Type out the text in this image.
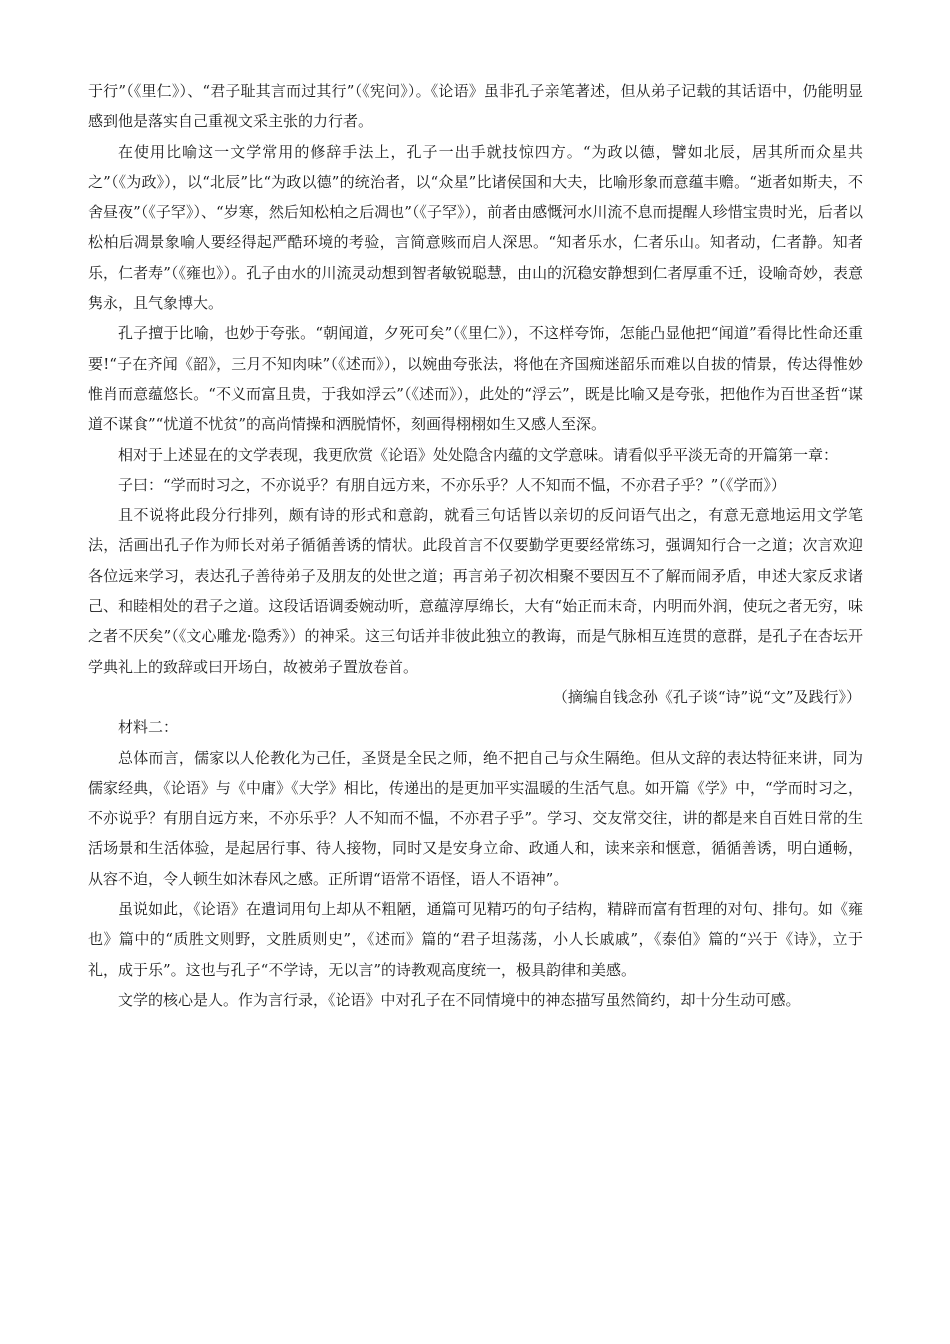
于行”（《里仁》）、“君子耻其言而过其行”（《宪问》）。《论语》虽非孔子亲笔著述，但从弟子记载的其话语中，仍能明显感到他是落实自己重视文采主张的力行者。

在使用比喻这一文学常用的修辞手法上，孔子一出手就技惊四方。“为政以德，譬如北辰，居其所而众星共之”（《为政》），以“北辰”比“为政以德”的统治者，以“众星”比诸侯国和大夫，比喻形象而意蕴丰赡。“逝者如斯夫，不舍昼夜”（《子罕》）、“岁寒，然后知松柏之后凋也”（《子罕》），前者由感慨河水川流不息而提醒人珍惜宝贵时光，后者以松柏后凋景象喻人要经得起严酷环境的考验，言简意赅而启人深思。“知者乐水，仁者乐山。知者动，仁者静。知者乐，仁者寿”（《雍也》）。孔子由水的川流灵动想到智者敏锐聪慧，由山的沉稳安静想到仁者厚重不迁，设喻奇妙，表意隽永，且气象博大。

孔子擅于比喻，也妙于夸张。“朝闻道，夕死可矣”（《里仁》），不这样夸饰，怎能凸显他把“闻道”看得比性命还重要!“子在齐闻《韶》，三月不知肉味”（《述而》），以婉曲夸张法，将他在齐国痴迷韶乐而难以自拔的情景，传达得惟妙惟肖而意蕴悠长。“不义而富且贵，于我如浮云”（《述而》），此处的“浮云”，既是比喻又是夸张，把他作为百世圣哲“谋道不谋食”“忧道不忧贫”的高尚情操和洒脱情怀，刻画得栩栩如生又感人至深。

相对于上述显在的文学表现，我更欣赏《论语》处处隐含内蕴的文学意味。请看似乎平淡无奇的开篇第一章：

子曰：“学而时习之，不亦说乎？有朋自远方来，不亦乐乎？人不知而不愠，不亦君子乎？”（《学而》）

且不说将此段分行排列，颇有诗的形式和意韵，就看三句话皆以亲切的反问语气出之，有意无意地运用文学笔法，活画出孔子作为师长对弟子循循善诱的情状。此段首言不仅要勤学更要经常练习，强调知行合一之道；次言欢迎各位远来学习，表达孔子善待弟子及朋友的处世之道；再言弟子初次相聚不要因互不了解而闹矛盾，申述大家反求诸己、和睦相处的君子之道。这段话语调委婉动听，意蕴淳厚绵长，大有“始正而末奇，内明而外润，使玩之者无穷，味之者不厌矣”（《文心雕龙·隐秀》）的神采。这三句话并非彼此独立的教诲，而是气脉相互连贯的意群，是孔子在杏坛开学典礼上的致辞或曰开场白，故被弟子置放卷首。

（摘编自钱念孙《孔子谈“诗”说“文”及践行》）

材料二：

总体而言，儒家以人伦教化为己任，圣贤是全民之师，绝不把自己与众生隔绝。但从文辞的表达特征来讲，同为儒家经典，《论语》与《中庸》《大学》相比，传递出的是更加平实温暖的生活气息。如开篇《学》中，“学而时习之，不亦说乎？有朋自远方来，不亦乐乎？人不知而不愠，不亦君子乎”。学习、交友常交往，讲的都是来自百姓日常的生活场景和生活体验，是起居行事、待人接物，同时又是安身立命、政通人和，读来亲和惬意，循循善诱，明白通畅，从容不迫，令人顿生如沐春风之感。正所谓“语常不语怪，语人不语神”。

虽说如此，《论语》在遣词用句上却从不粗陋，通篇可见精巧的句子结构，精辟而富有哲理的对句、排句。如《雍也》篇中的“质胜文则野，文胜质则史”，《述而》篇的“君子坦荡荡，小人长戚戚”，《泰伯》篇的“兴于《诗》，立于礼，成于乐”。这也与孔子“不学诗，无以言”的诗教观高度统一，极具韵律和美感。

文学的核心是人。作为言行录，《论语》中对孔子在不同情境中的神态描写虽然简约，却十分生动可感。
